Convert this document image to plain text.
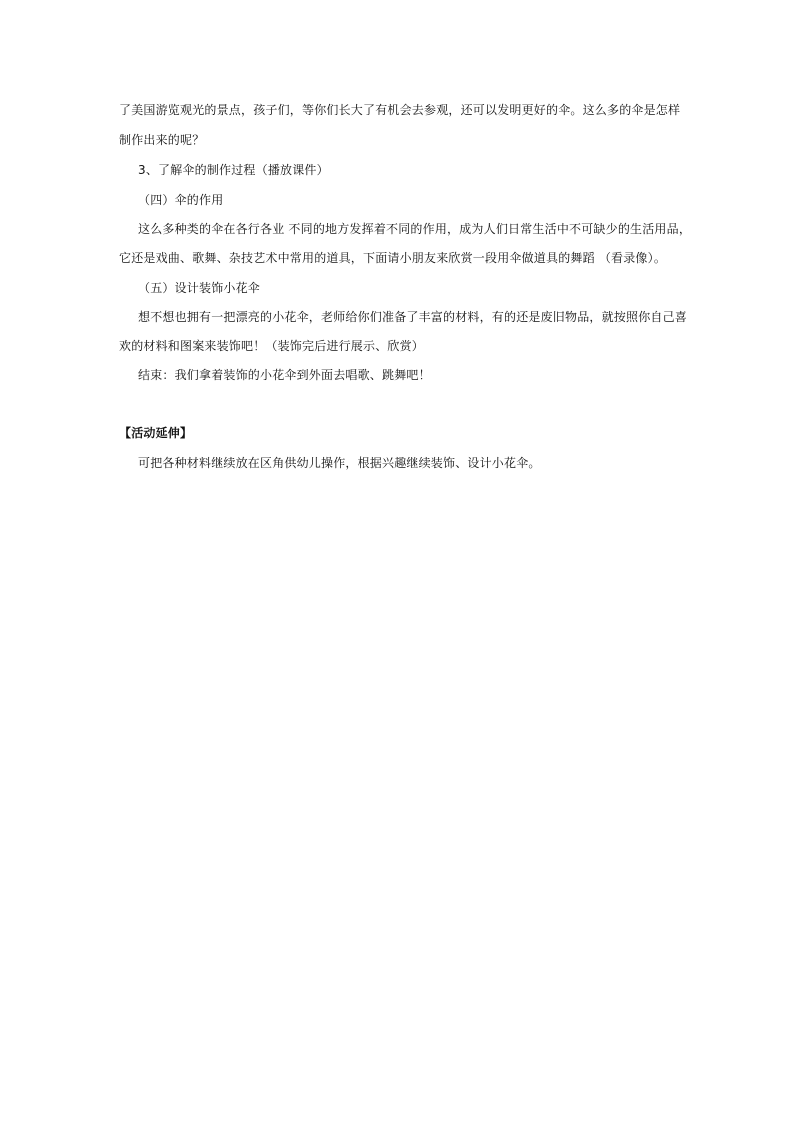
了美国游览观光的景点，孩子们，等你们长大了有机会去参观，还可以发明更好的伞。这么多的伞是怎样
制作出来的呢？
3、了解伞的制作过程（播放课件）
（四）伞的作用
这么多种类的伞在各行各业 不同的地方发挥着不同的作用，成为人们日常生活中不可缺少的生活用品，
它还是戏曲、歌舞、杂技艺术中常用的道具，下面请小朋友来欣赏一段用伞做道具的舞蹈 （看录像）。
（五）设计装饰小花伞
想不想也拥有一把漂亮的小花伞，老师给你们准备了丰富的材料，有的还是废旧物品，就按照你自己喜
欢的材料和图案来装饰吧！（装饰完后进行展示、欣赏）
结束：我们拿着装饰的小花伞到外面去唱歌、跳舞吧！
【活动延伸】
可把各种材料继续放在区角供幼儿操作，根据兴趣继续装饰、设计小花伞。
